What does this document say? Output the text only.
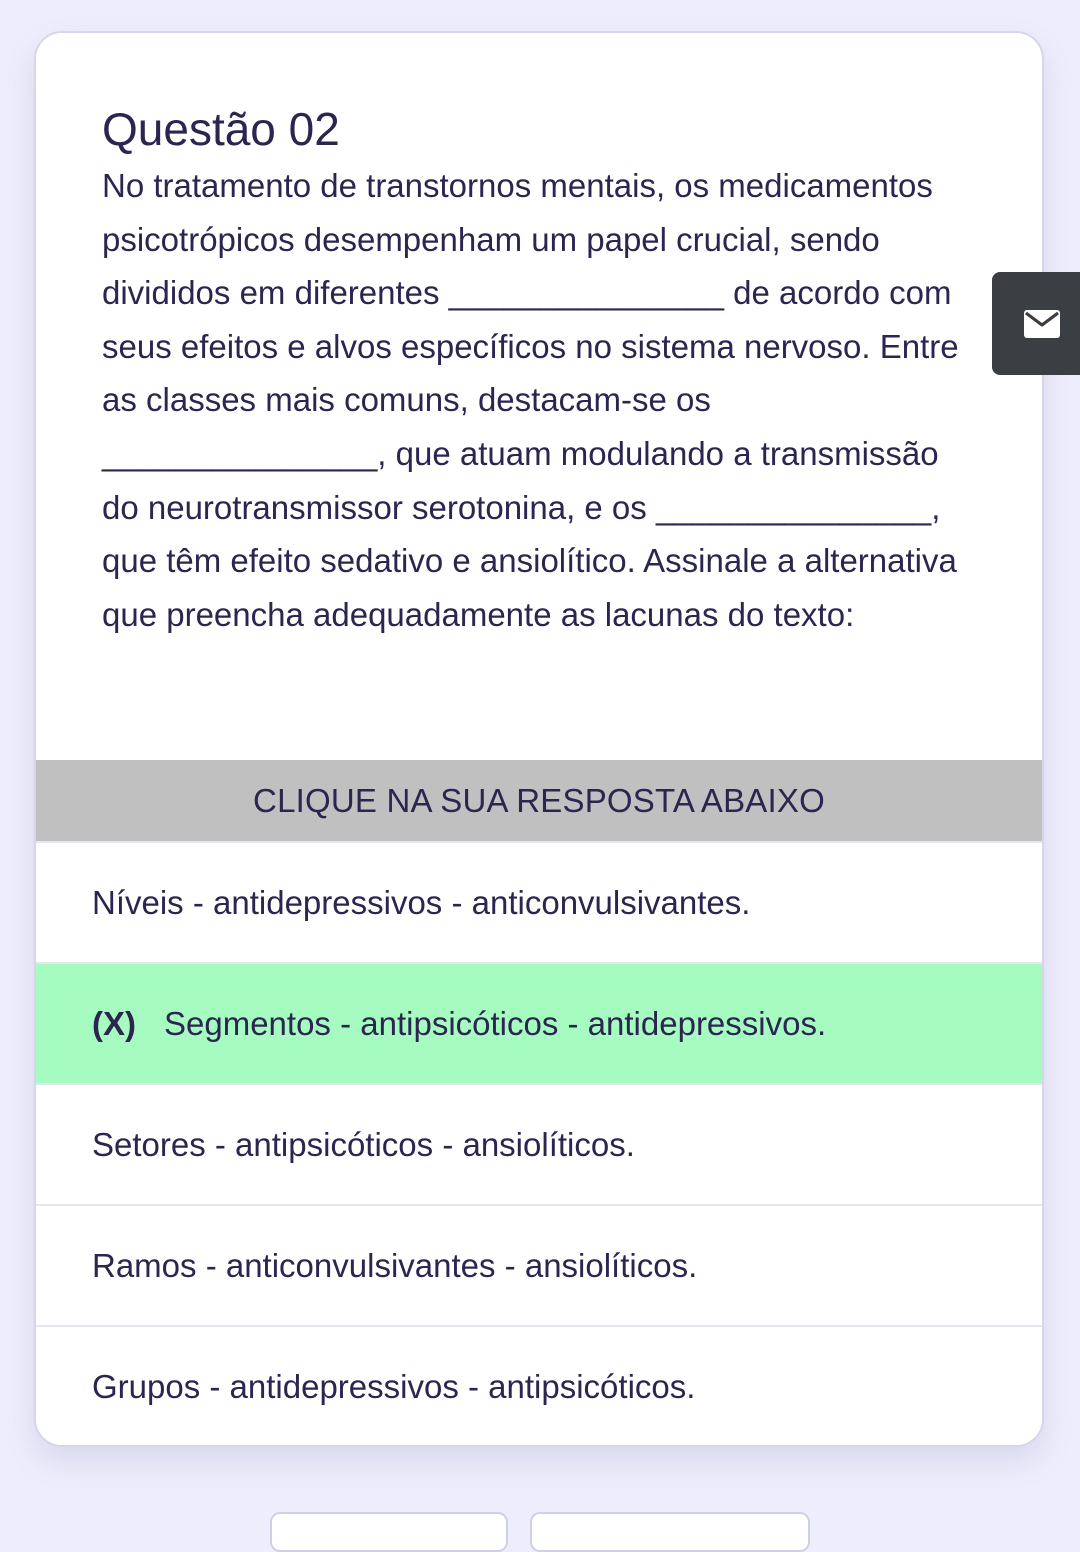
Questão 02

No tratamento de transtornos mentais, os medicamentos psicotrópicos desempenham um papel crucial, sendo divididos em diferentes _______________ de acordo com seus efeitos e alvos específicos no sistema nervoso. Entre as classes mais comuns, destacam-se os _______________, que atuam modulando a transmissão do neurotransmissor serotonina, e os _______________, que têm efeito sedativo e ansiolítico. Assinale a alternativa que preencha adequadamente as lacunas do texto:

CLIQUE NA SUA RESPOSTA ABAIXO
Níveis - antidepressivos - anticonvulsivantes.
(X) Segmentos - antipsicóticos - antidepressivos.
Setores - antipsicóticos - ansiolíticos.
Ramos - anticonvulsivantes - ansiolíticos.
Grupos - antidepressivos - antipsicóticos.
